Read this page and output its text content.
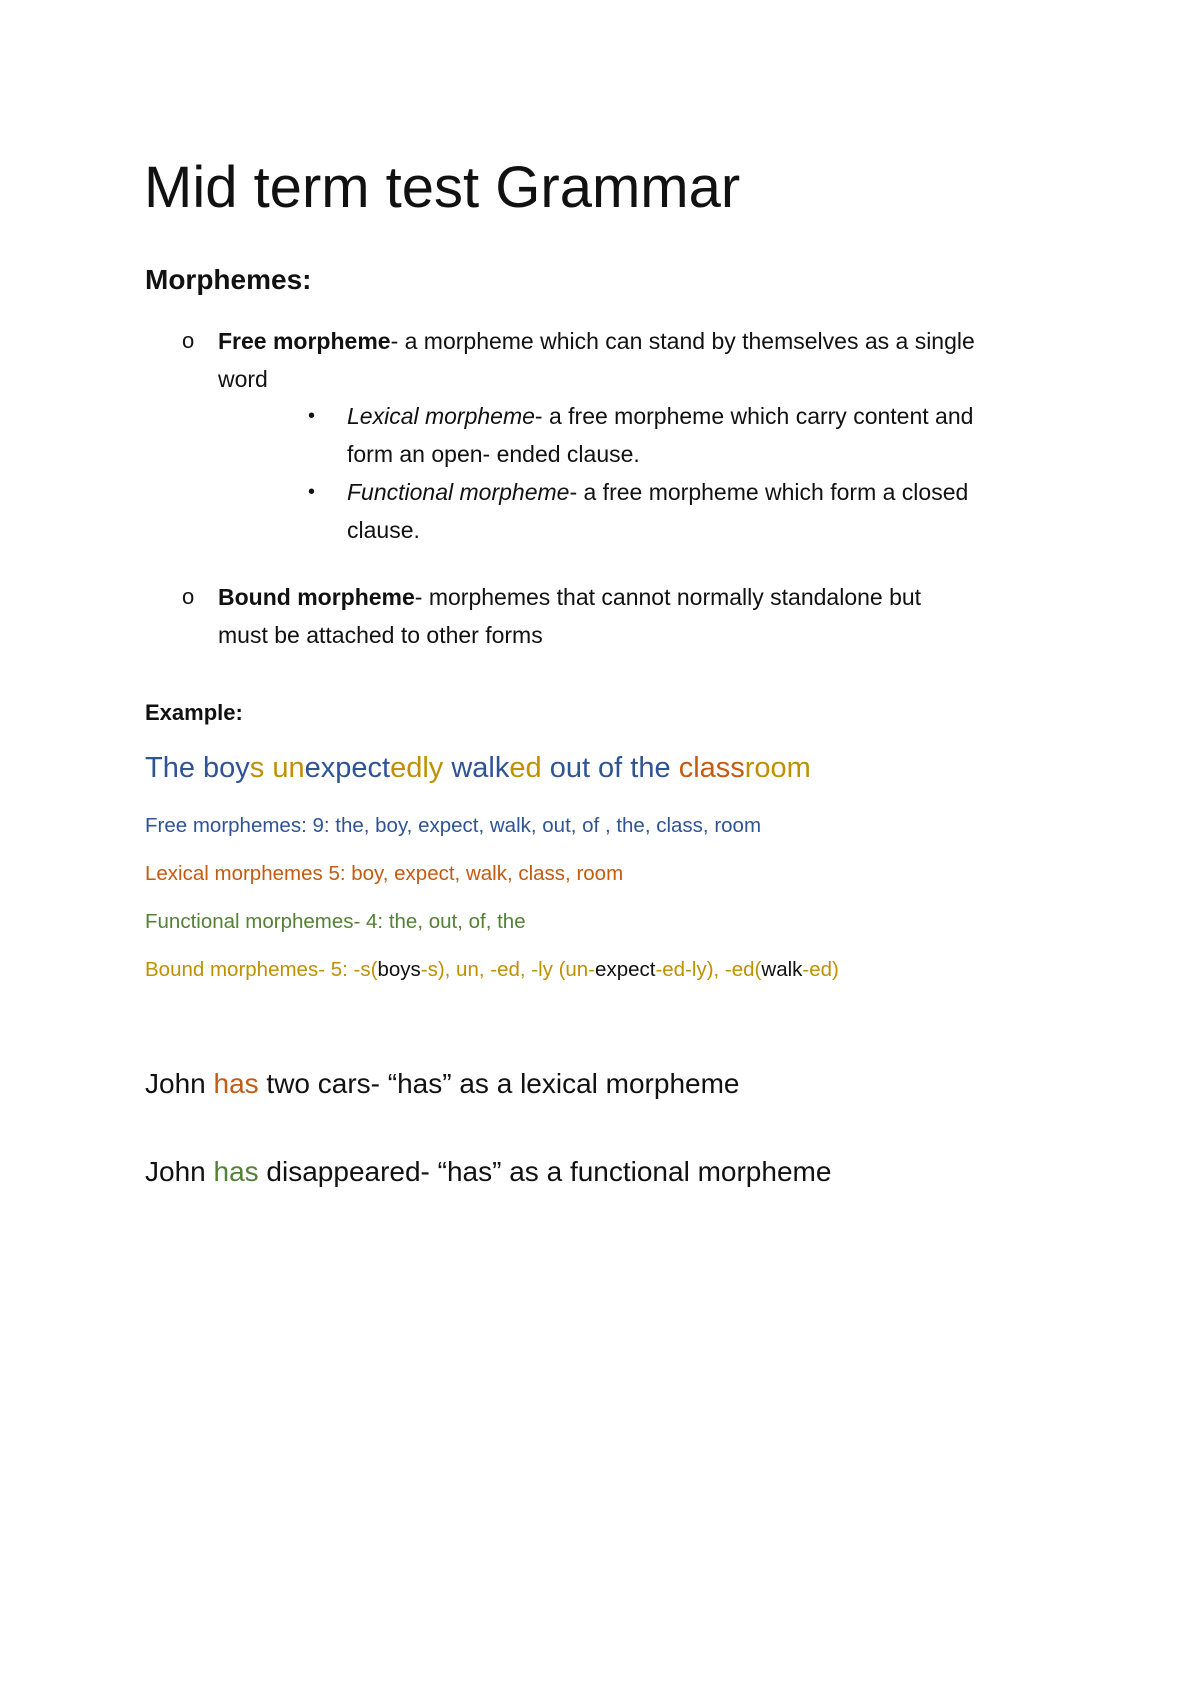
Mid term test Grammar
Morphemes:
o Free morpheme- a morpheme which can stand by themselves as a single
word
• Lexical morpheme- a free morpheme which carry content and
form an open- ended clause.
• Functional morpheme- a free morpheme which form a closed
clause.
o Bound morpheme- morphemes that cannot normally standalone but
must be attached to other forms
Example:
The boys unexpectedly walked out of the classroom
Free morphemes: 9: the, boy, expect, walk, out, of , the, class, room
Lexical morphemes 5: boy, expect, walk, class, room
Functional morphemes- 4: the, out, of, the
Bound morphemes- 5: -s(boys-s), un, -ed, -ly (un-expect-ed-ly), -ed(walk-ed)
John has two cars- “has” as a lexical morpheme
John has disappeared- “has” as a functional morpheme
